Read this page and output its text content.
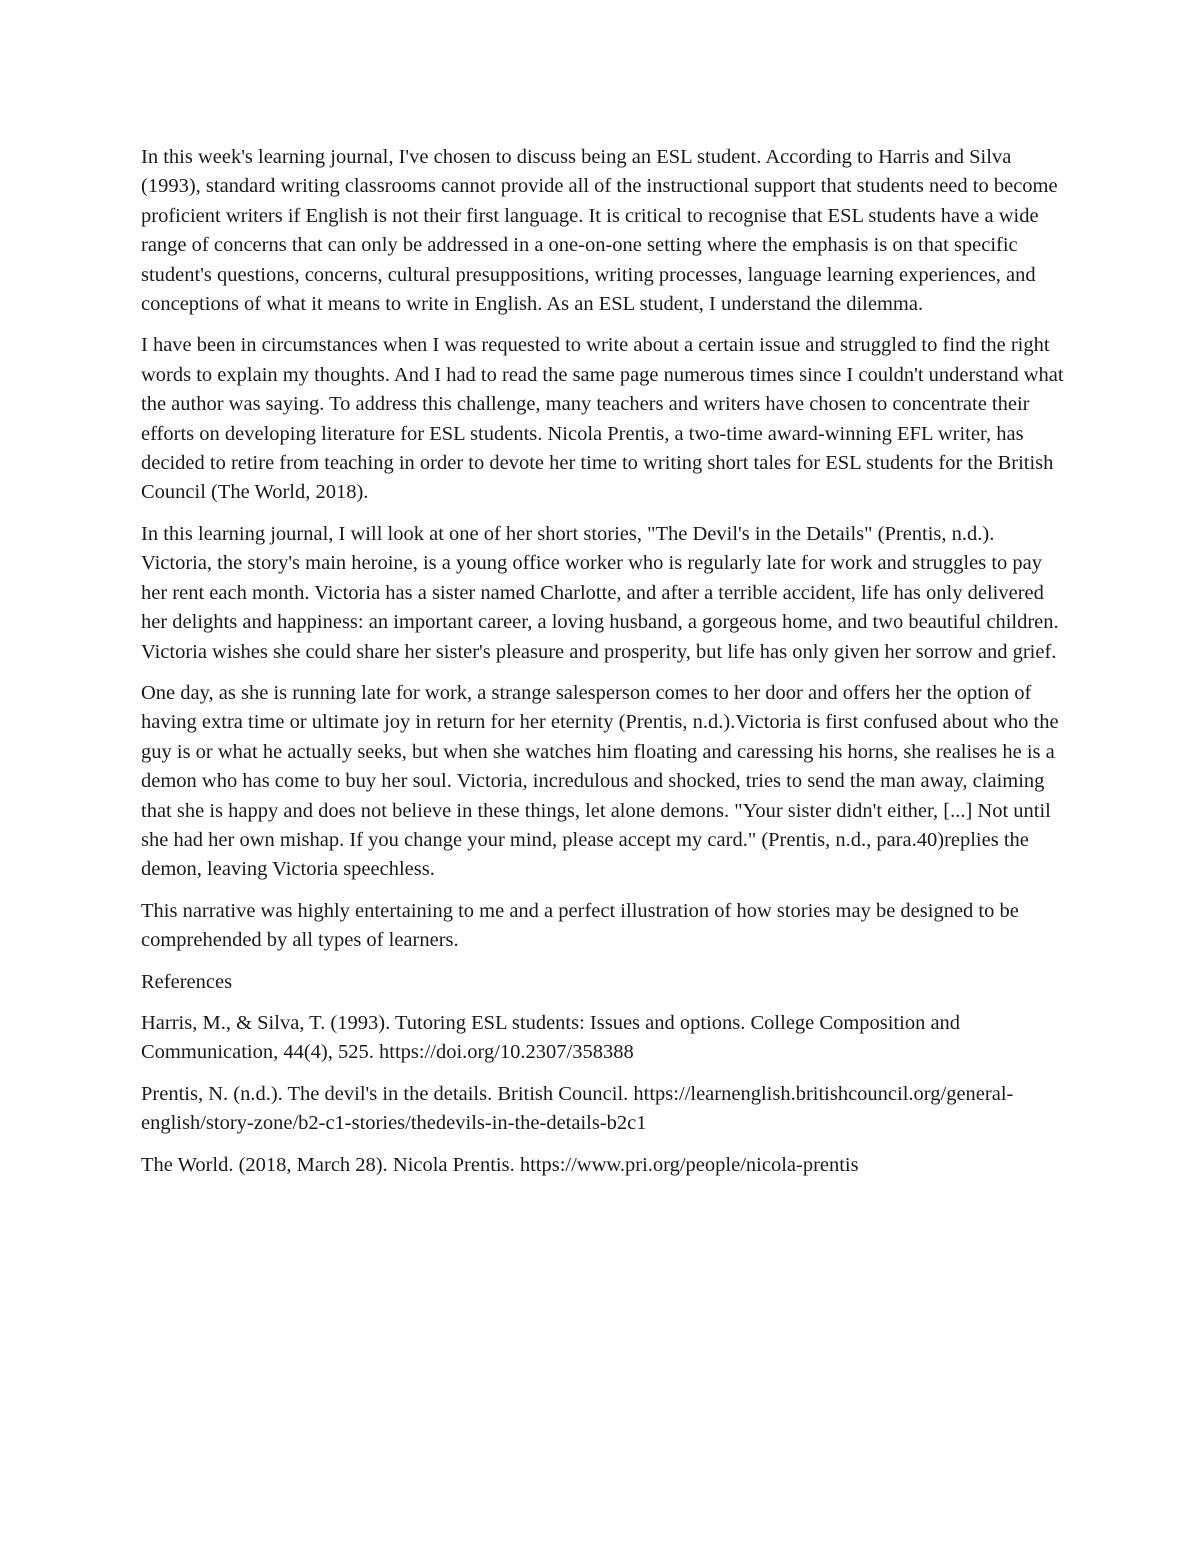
In this week's learning journal, I've chosen to discuss being an ESL student. According to Harris and Silva (1993), standard writing classrooms cannot provide all of the instructional support that students need to become proficient writers if English is not their first language. It is critical to recognise that ESL students have a wide range of concerns that can only be addressed in a one-on-one setting where the emphasis is on that specific student's questions, concerns, cultural presuppositions, writing processes, language learning experiences, and conceptions of what it means to write in English. As an ESL student, I understand the dilemma.

I have been in circumstances when I was requested to write about a certain issue and struggled to find the right words to explain my thoughts. And I had to read the same page numerous times since I couldn't understand what the author was saying. To address this challenge, many teachers and writers have chosen to concentrate their efforts on developing literature for ESL students. Nicola Prentis, a two-time award-winning EFL writer, has decided to retire from teaching in order to devote her time to writing short tales for ESL students for the British Council (The World, 2018).

In this learning journal, I will look at one of her short stories, "The Devil's in the Details" (Prentis, n.d.). Victoria, the story's main heroine, is a young office worker who is regularly late for work and struggles to pay her rent each month. Victoria has a sister named Charlotte, and after a terrible accident, life has only delivered her delights and happiness: an important career, a loving husband, a gorgeous home, and two beautiful children. Victoria wishes she could share her sister's pleasure and prosperity, but life has only given her sorrow and grief.

One day, as she is running late for work, a strange salesperson comes to her door and offers her the option of having extra time or ultimate joy in return for her eternity (Prentis, n.d.).Victoria is first confused about who the guy is or what he actually seeks, but when she watches him floating and caressing his horns, she realises he is a demon who has come to buy her soul. Victoria, incredulous and shocked, tries to send the man away, claiming that she is happy and does not believe in these things, let alone demons. "Your sister didn't either, [...] Not until she had her own mishap. If you change your mind, please accept my card." (Prentis, n.d., para.40)replies the demon, leaving Victoria speechless.

This narrative was highly entertaining to me and a perfect illustration of how stories may be designed to be comprehended by all types of learners.

References

Harris, M., & Silva, T. (1993). Tutoring ESL students: Issues and options. College Composition and Communication, 44(4), 525. https://doi.org/10.2307/358388

Prentis, N. (n.d.). The devil's in the details. British Council. https://learnenglish.britishcouncil.org/general-english/story-zone/b2-c1-stories/thedevils-in-the-details-b2c1

The World. (2018, March 28). Nicola Prentis. https://www.pri.org/people/nicola-prentis
